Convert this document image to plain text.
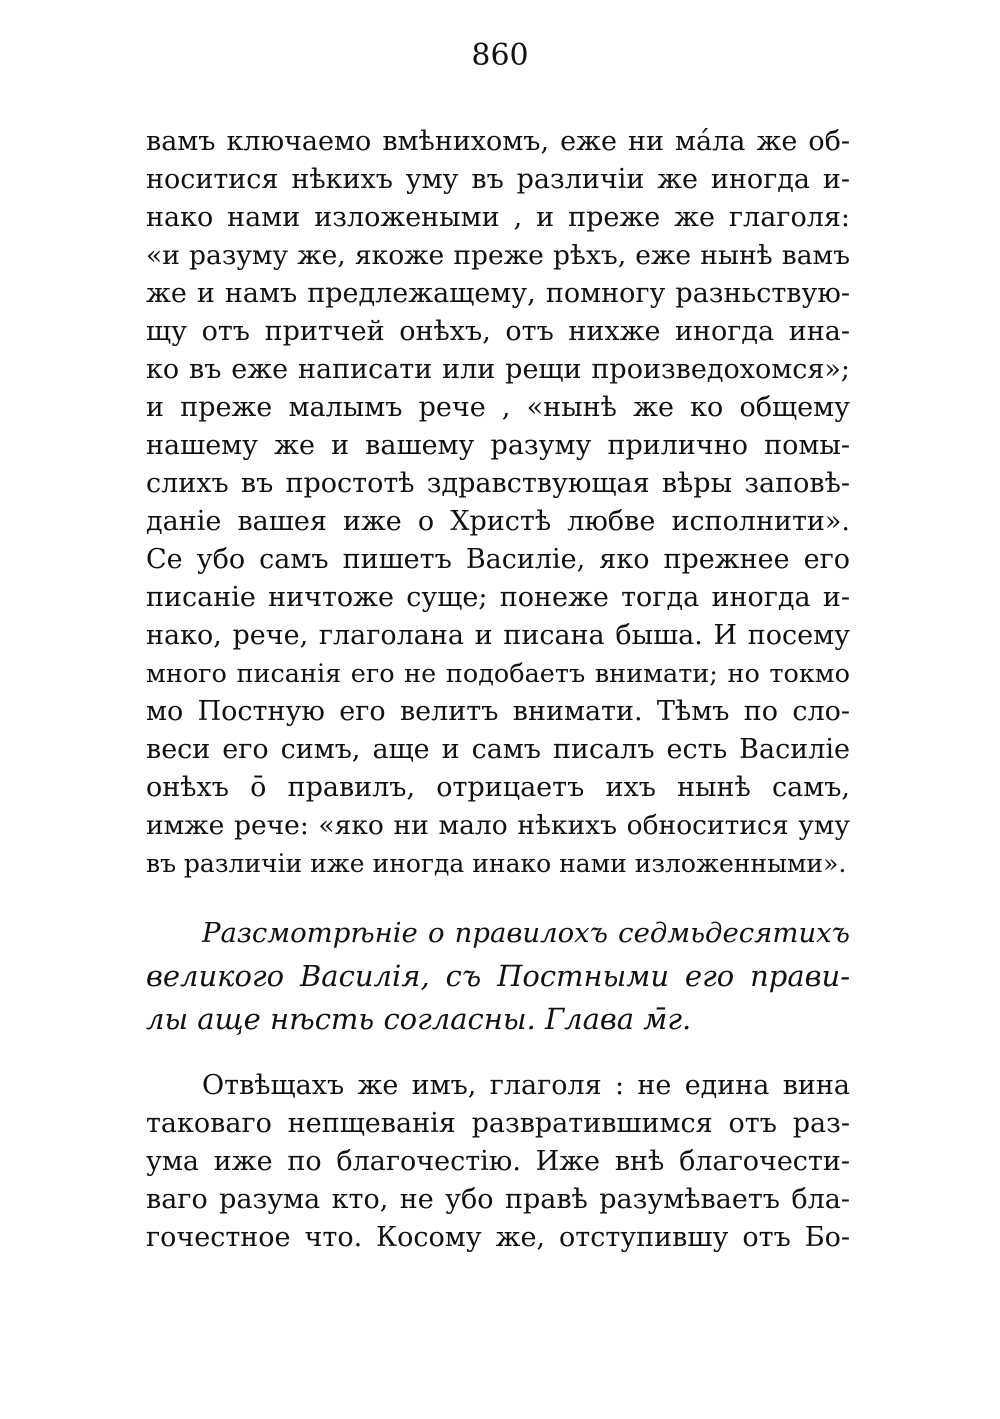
860
вамъ ключаемо вмѣнихомъ, еже ни ма́ла же об-
носитися нѣкихъ уму въ различіи же иногда и-
нако нами изложеными , и преже же глаголя:
«и разуму же, якоже преже рѣхъ, еже нынѣ вамъ
же и намъ предлежащему, помногу разньствую-
щу отъ притчей онѣхъ, отъ нихже иногда ина-
ко въ еже написати или рещи произведохомся»;
и преже малымъ рече , «нынѣ же ко общему
нашему же и вашему разуму прилично помы-
слихъ въ простотѣ здравствующая вѣры заповѣ-
даніе вашея иже о Христѣ любве исполнити».
Се убо самъ пишетъ Василіе, яко прежнее его
писаніе ничтоже суще; понеже тогда иногда и-
нако, рече, глаголана и писана быша. И посему
много писанія его не подобаетъ внимати; но токмо
мо Постную его велитъ внимати. Тѣмъ по сло-
веси его симъ, аще и самъ писалъ есть Василіе
онѣхъ о̄ правилъ, отрицаетъ ихъ нынѣ самъ,
имже рече: «яко ни мало нѣкихъ обноситися уму
въ различіи иже иногда инако нами изложенными».
Разсмотрѣніе о правилохъ седмьдесятихъ
великого Василія, съ Постными его прави-
лы аще нѣсть согласны. Глава м̄г.
Отвѣщахъ же имъ, глаголя : не едина вина
таковаго непщеванія развратившимся отъ раз-
ума иже по благочестію. Иже внѣ благочести-
ваго разума кто, не убо правѣ разумѣваетъ бла-
гочестное что. Косому же, отступившу отъ Бо-
